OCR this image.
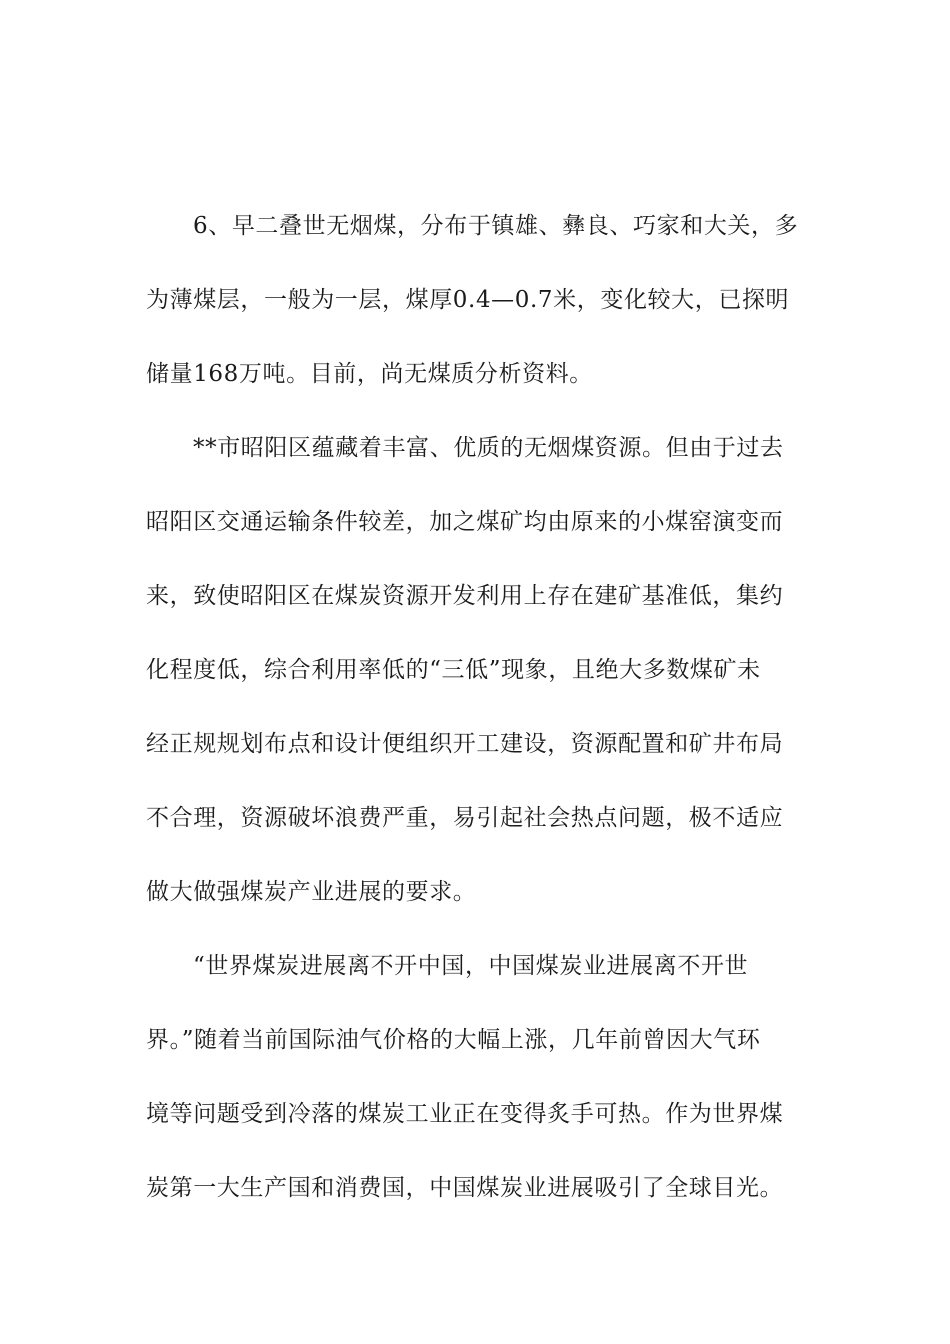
6、早二叠世无烟煤，分布于镇雄、彝良、巧家和大关，多
为薄煤层，一般为一层，煤厚0.4—0.7米，变化较大，已探明
储量168万吨。目前，尚无煤质分析资料。
**市昭阳区蕴藏着丰富、优质的无烟煤资源。但由于过去
昭阳区交通运输条件较差，加之煤矿均由原来的小煤窑演变而
来，致使昭阳区在煤炭资源开发利用上存在建矿基准低，集约
化程度低，综合利用率低的“三低”现象，且绝大多数煤矿未
经正规规划布点和设计便组织开工建设，资源配置和矿井布局
不合理，资源破坏浪费严重，易引起社会热点问题，极不适应
做大做强煤炭产业进展的要求。
“世界煤炭进展离不开中国，中国煤炭业进展离不开世
界。”随着当前国际油气价格的大幅上涨，几年前曾因大气环
境等问题受到冷落的煤炭工业正在变得炙手可热。作为世界煤
炭第一大生产国和消费国，中国煤炭业进展吸引了全球目光。
